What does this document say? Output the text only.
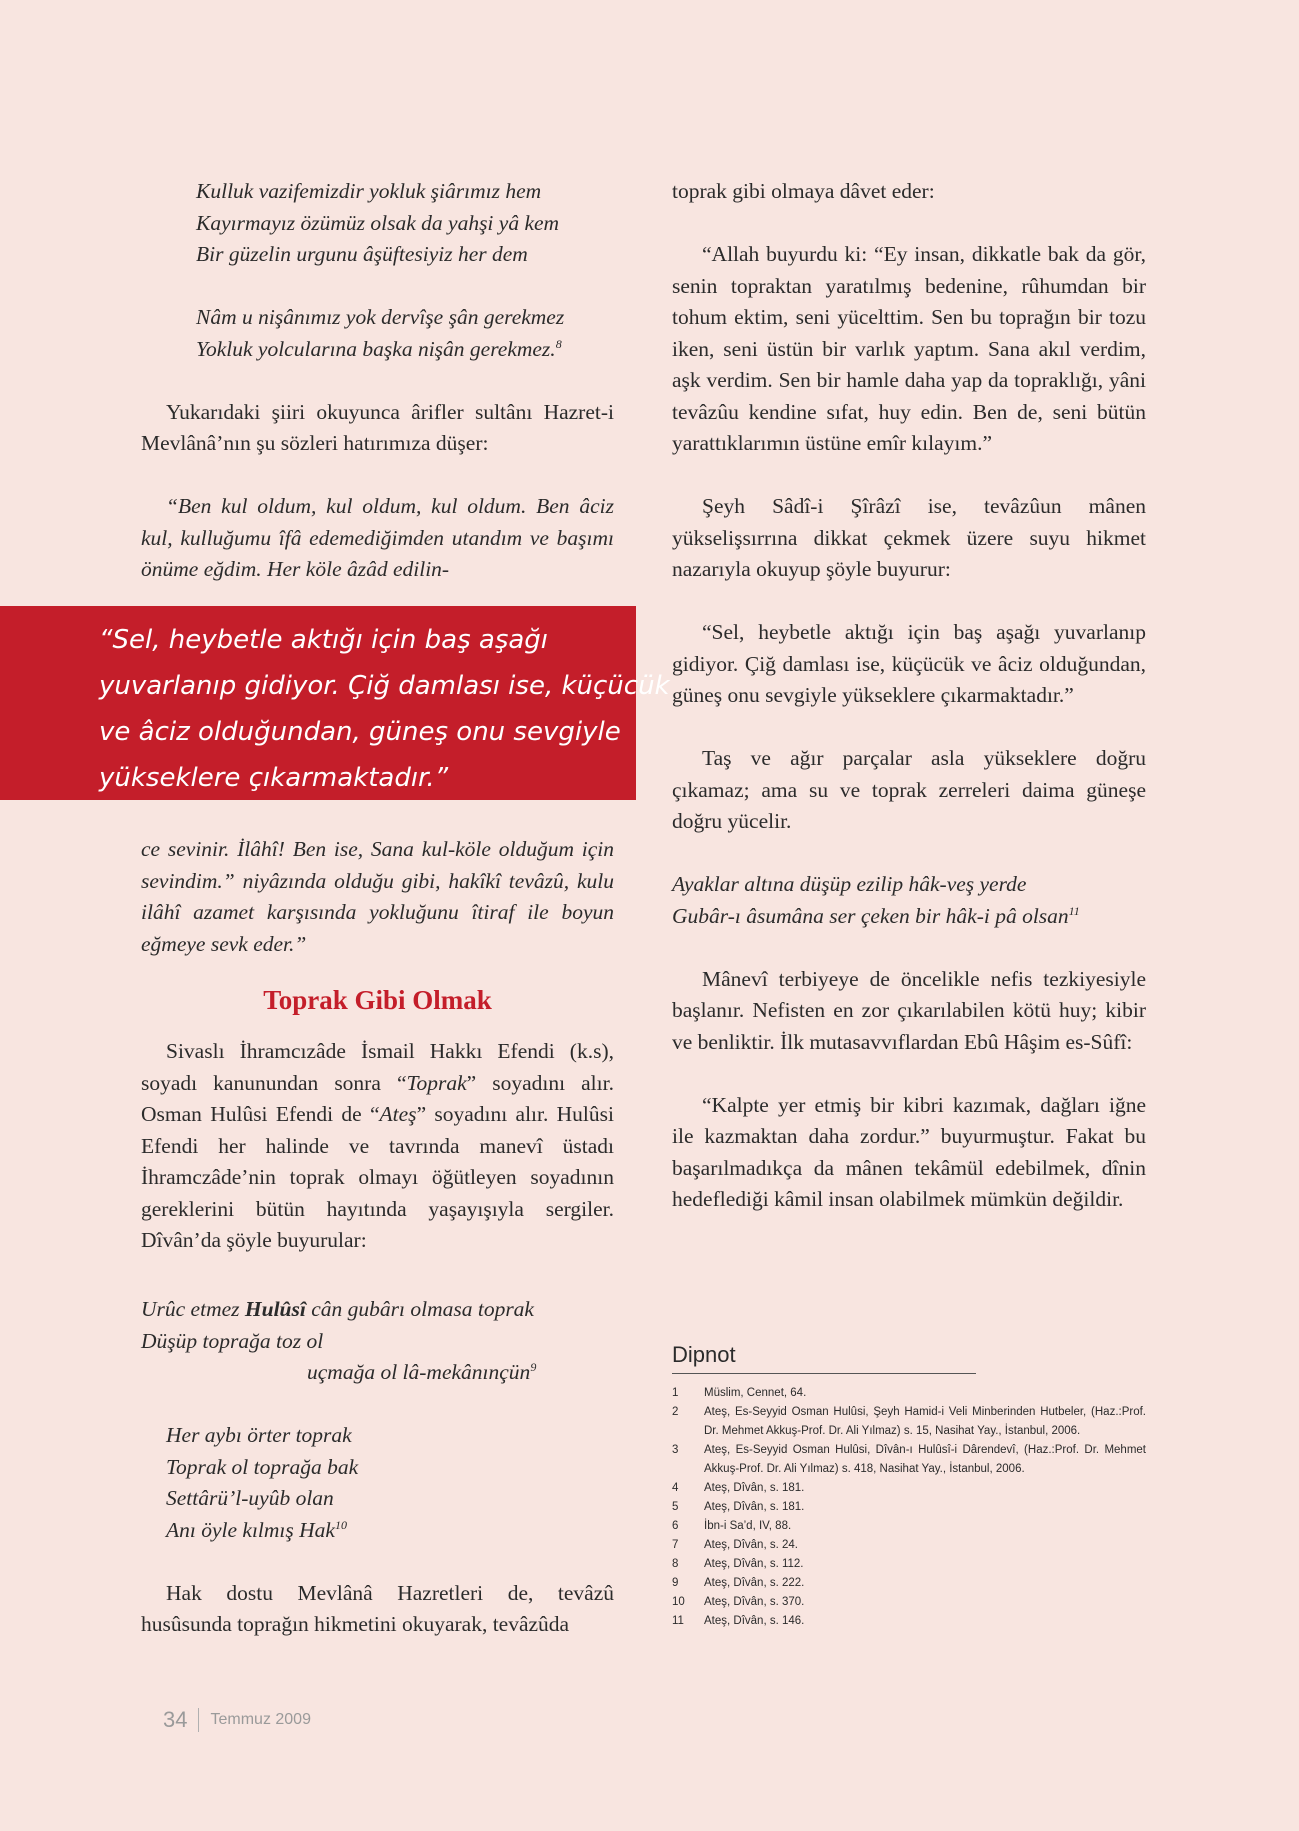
Kulluk vazifemizdir yokluk şiârımız hem
Kayırmayız özümüz olsak da yahşi yâ kem
Bir güzelin urgunu âşüftesiyiz her dem
Nâm u nişânımız yok dervîşe şân gerekmez
Yokluk yolcularına başka nişân gerekmez.$^8$

Yukarıdaki şiiri okuyunca ârifler sultânı Hazret-i Mevlânâ’nın şu sözleri hatırımıza düşer:

“Ben kul oldum, kul oldum, kul oldum. Ben âciz kul, kulluğumu îfâ edemediğimden utandım ve başımı önüme eğdim. Her köle âzâd edilin-

“Sel, heybetle aktığı için baş aşağı
yuvarlanıp gidiyor. Çiğ damlası ise, küçücük
ve âciz olduğundan, güneş onu sevgiyle
yükseklere çıkarmaktadır.”

ce sevinir. İlâhî! Ben ise, Sana kul-köle olduğum için sevindim.” niyâzında olduğu gibi, hakîkî tevâzû, kulu ilâhî azamet karşısında yokluğunu îtiraf ile boyun eğmeye sevk eder.”

Toprak Gibi Olmak

Sivaslı İhramcızâde İsmail Hakkı Efendi (k.s), soyadı kanunundan sonra “Toprak” soyadını alır. Osman Hulûsi Efendi de “Ateş” soyadını alır. Hulûsi Efendi her halinde ve tavrında manevî üstadı İhramczâde’nin toprak olmayı öğütleyen soyadının gereklerini bütün hayıtında yaşayışıyla sergiler. Dîvân’da şöyle buyurular:

Urûc etmez Hulûsî cân gubârı olmasa toprak
Düşüp toprağa toz ol
uçmağa ol lâ-mekânınçün$^9$
Her aybı örter toprak
Toprak ol toprağa bak
Settârü’l-uyûb olan
Anı öyle kılmış Hak$^{10}$

Hak dostu Mevlânâ Hazretleri de, tevâzû husûsunda toprağın hikmetini okuyarak, tevâzûda

toprak gibi olmaya dâvet eder:

“Allah buyurdu ki: “Ey insan, dikkatle bak da gör, senin topraktan yaratılmış bedenine, rûhumdan bir tohum ektim, seni yücelttim. Sen bu toprağın bir tozu iken, seni üstün bir varlık yaptım. Sana akıl verdim, aşk verdim. Sen bir hamle daha yap da topraklığı, yâni tevâzûu kendine sıfat, huy edin. Ben de, seni bütün yarattıklarımın üstüne emîr kılayım.”

Şeyh Sâdî-i Şîrâzî ise, tevâzûun mânen yükselişsırrına dikkat çekmek üzere suyu hikmet nazarıyla okuyup şöyle buyurur:

“Sel, heybetle aktığı için baş aşağı yuvarlanıp gidiyor. Çiğ damlası ise, küçücük ve âciz olduğundan, güneş onu sevgiyle yükseklere çıkarmaktadır.”

Taş ve ağır parçalar asla yükseklere doğru çıkamaz; ama su ve toprak zerreleri daima güneşe doğru yücelir.

Ayaklar altına düşüp ezilip hâk-veş yerde
Gubâr-ı âsumâna ser çeken bir hâk-i pâ olsan$^{11}$

Mânevî terbiyeye de öncelikle nefis tezkiyesiyle başlanır. Nefisten en zor çıkarılabilen kötü huy; kibir ve benliktir. İlk mutasavvıflardan Ebû Hâşim es-Sûfî:

“Kalpte yer etmiş bir kibri kazımak, dağları iğne ile kazmaktan daha zordur.” buyurmuştur. Fakat bu başarılmadıkça da mânen tekâmül edebilmek, dînin hedeflediği kâmil insan olabilmek mümkün değildir.

Dipnot
1	Müslim, Cennet, 64.
2	Ateş, Es-Seyyid Osman Hulûsi, Şeyh Hamid-i Veli Minberinden Hutbeler, (Haz.:Prof. Dr. Mehmet Akkuş-Prof. Dr. Ali Yılmaz) s. 15, Nasihat Yay., İstanbul, 2006.
3	Ateş, Es-Seyyid Osman Hulûsi, Dîvân-ı Hulûsî-i Dârendevî, (Haz.:Prof. Dr. Mehmet Akkuş-Prof. Dr. Ali Yılmaz) s. 418, Nasihat Yay., İstanbul, 2006.
4	Ateş, Dîvân, s. 181.
5	Ateş, Dîvân, s. 181.
6	İbn-i Sa’d, IV, 88.
7	Ateş, Dîvân, s. 24.
8	Ateş, Dîvân, s. 112.
9	Ateş, Dîvân, s. 222.
10	Ateş, Dîvân, s. 370.
11	Ateş, Dîvân, s. 146.
34 Temmuz 2009
